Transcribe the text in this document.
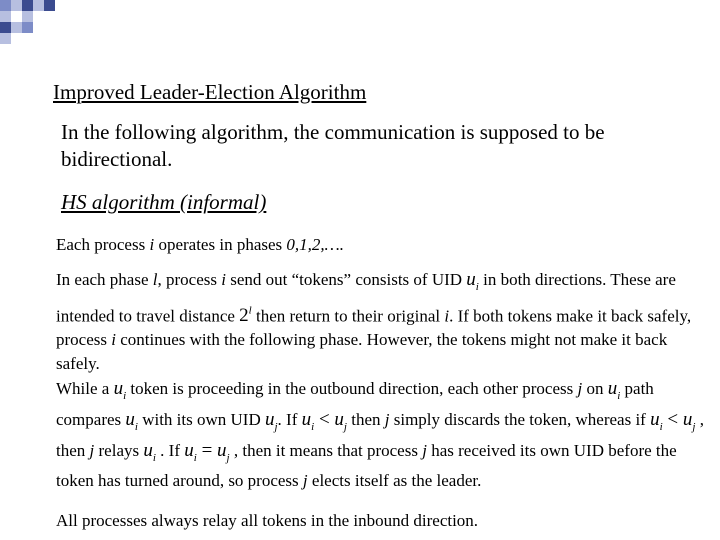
Improved Leader-Election Algorithm
In the following algorithm, the communication is supposed to be bidirectional.
HS algorithm (informal)
Each process i operates in phases 0,1,2,….
In each phase l, process i send out “tokens” consists of UID $u_i$ in both directions. These are intended to travel distance 2$^l$ then return to their original i. If both tokens make it back safely, process i continues with the following phase. However, the tokens might not make it back safely.
While a $u_i$ token is proceeding in the outbound direction, each other process j on $u_i$ path compares $u_i$ with its own UID $u_j$. If $u_i < u_j$ then j simply discards the token, whereas if $u_i < u_j$ , then j relays $u_i$ . If $u_i = u_j$ , then it means that process j has received its own UID before the token has turned around, so process j elects itself as the leader.
All processes always relay all tokens in the inbound direction.
